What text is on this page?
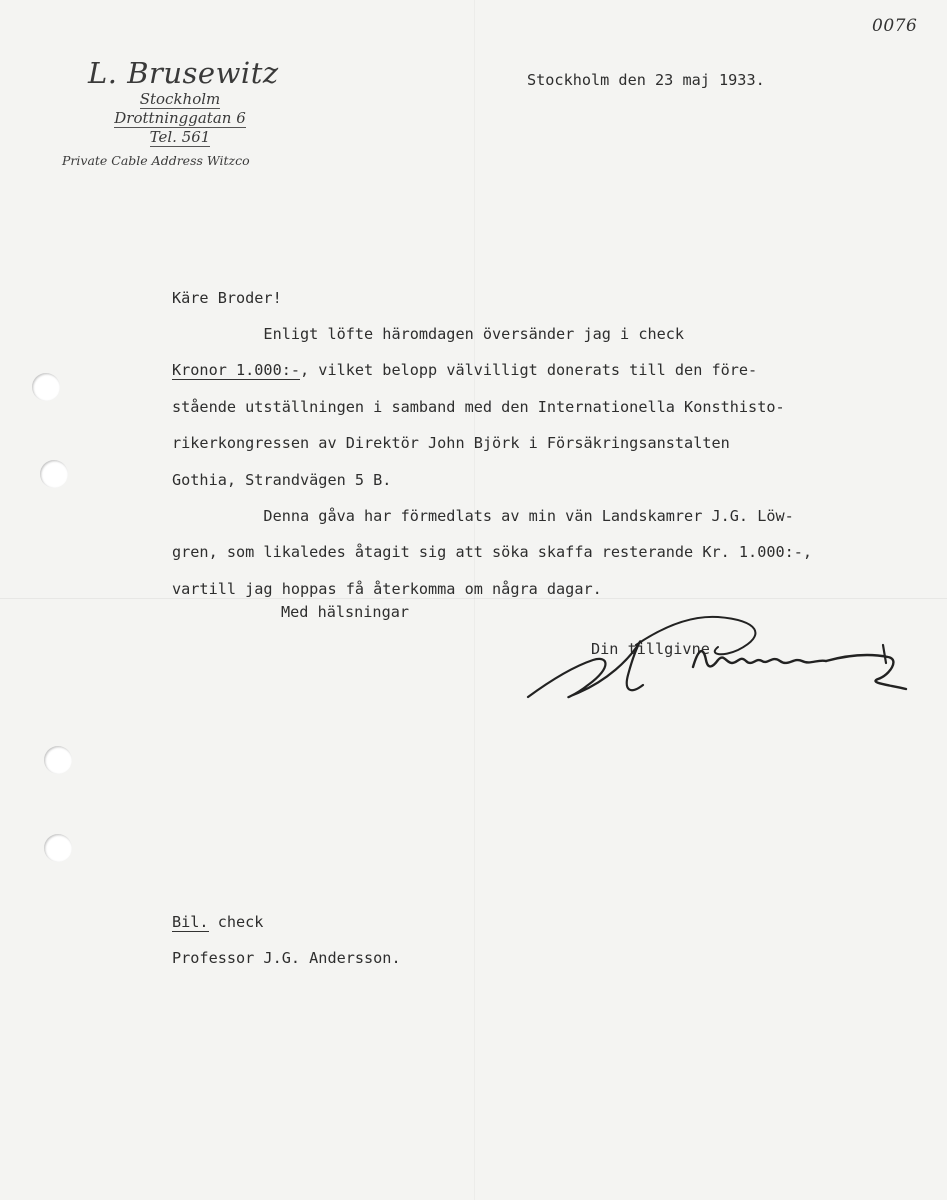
0076
L. Brusewitz
Stockholm
Drottninggatan 6
Tel. 561
Private Cable Address Witzco
Stockholm den 23 maj 1933.
Käre Broder!
Enligt löfte häromdagen översänder jag i check
Kronor 1.000:-, vilket belopp välvilligt donerats till den före-
stående utställningen i samband med den Internationella Konsthisto-
rikerkongressen av Direktör John Björk i Försäkringsanstalten
Gothia, Strandvägen 5 B.
Denna gåva har förmedlats av min vän Landskamrer J.G. Löw-
gren, som likaledes åtagit sig att söka skaffa resterande Kr. 1.000:-,
vartill jag hoppas få återkomma om några dagar.
Med hälsningar
Din tillgivne
Bil. check
Professor J.G. Andersson.
